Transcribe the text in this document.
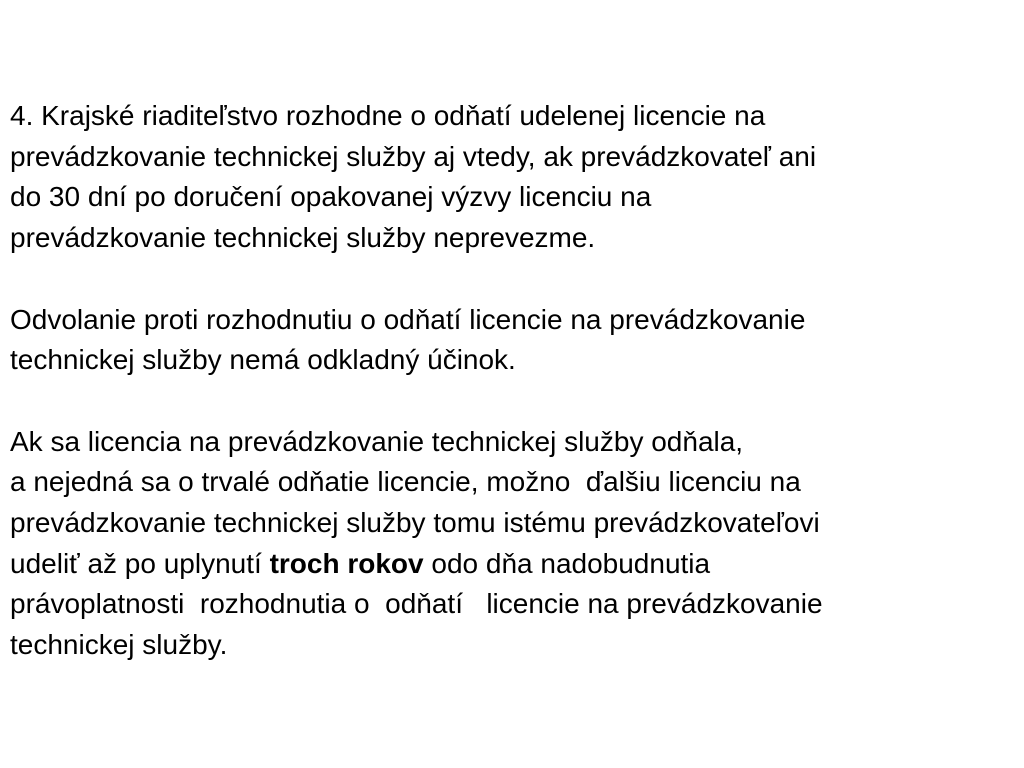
4. Krajské riaditeľstvo rozhodne o odňatí udelenej licencie na
prevádzkovanie technickej služby aj vtedy, ak prevádzkovateľ ani
do 30 dní po doručení opakovanej výzvy licenciu na
prevádzkovanie technickej služby neprevezme.
Odvolanie proti rozhodnutiu o odňatí licencie na prevádzkovanie
technickej služby nemá odkladný účinok.
Ak sa licencia na prevádzkovanie technickej služby odňala,
a nejedná sa o trvalé odňatie licencie, možno  ďalšiu licenciu na
prevádzkovanie technickej služby tomu istému prevádzkovateľovi
udeliť až po uplynutí troch rokov odo dňa nadobudnutia
právoplatnosti  rozhodnutia o  odňatí   licencie na prevádzkovanie
technickej služby.
